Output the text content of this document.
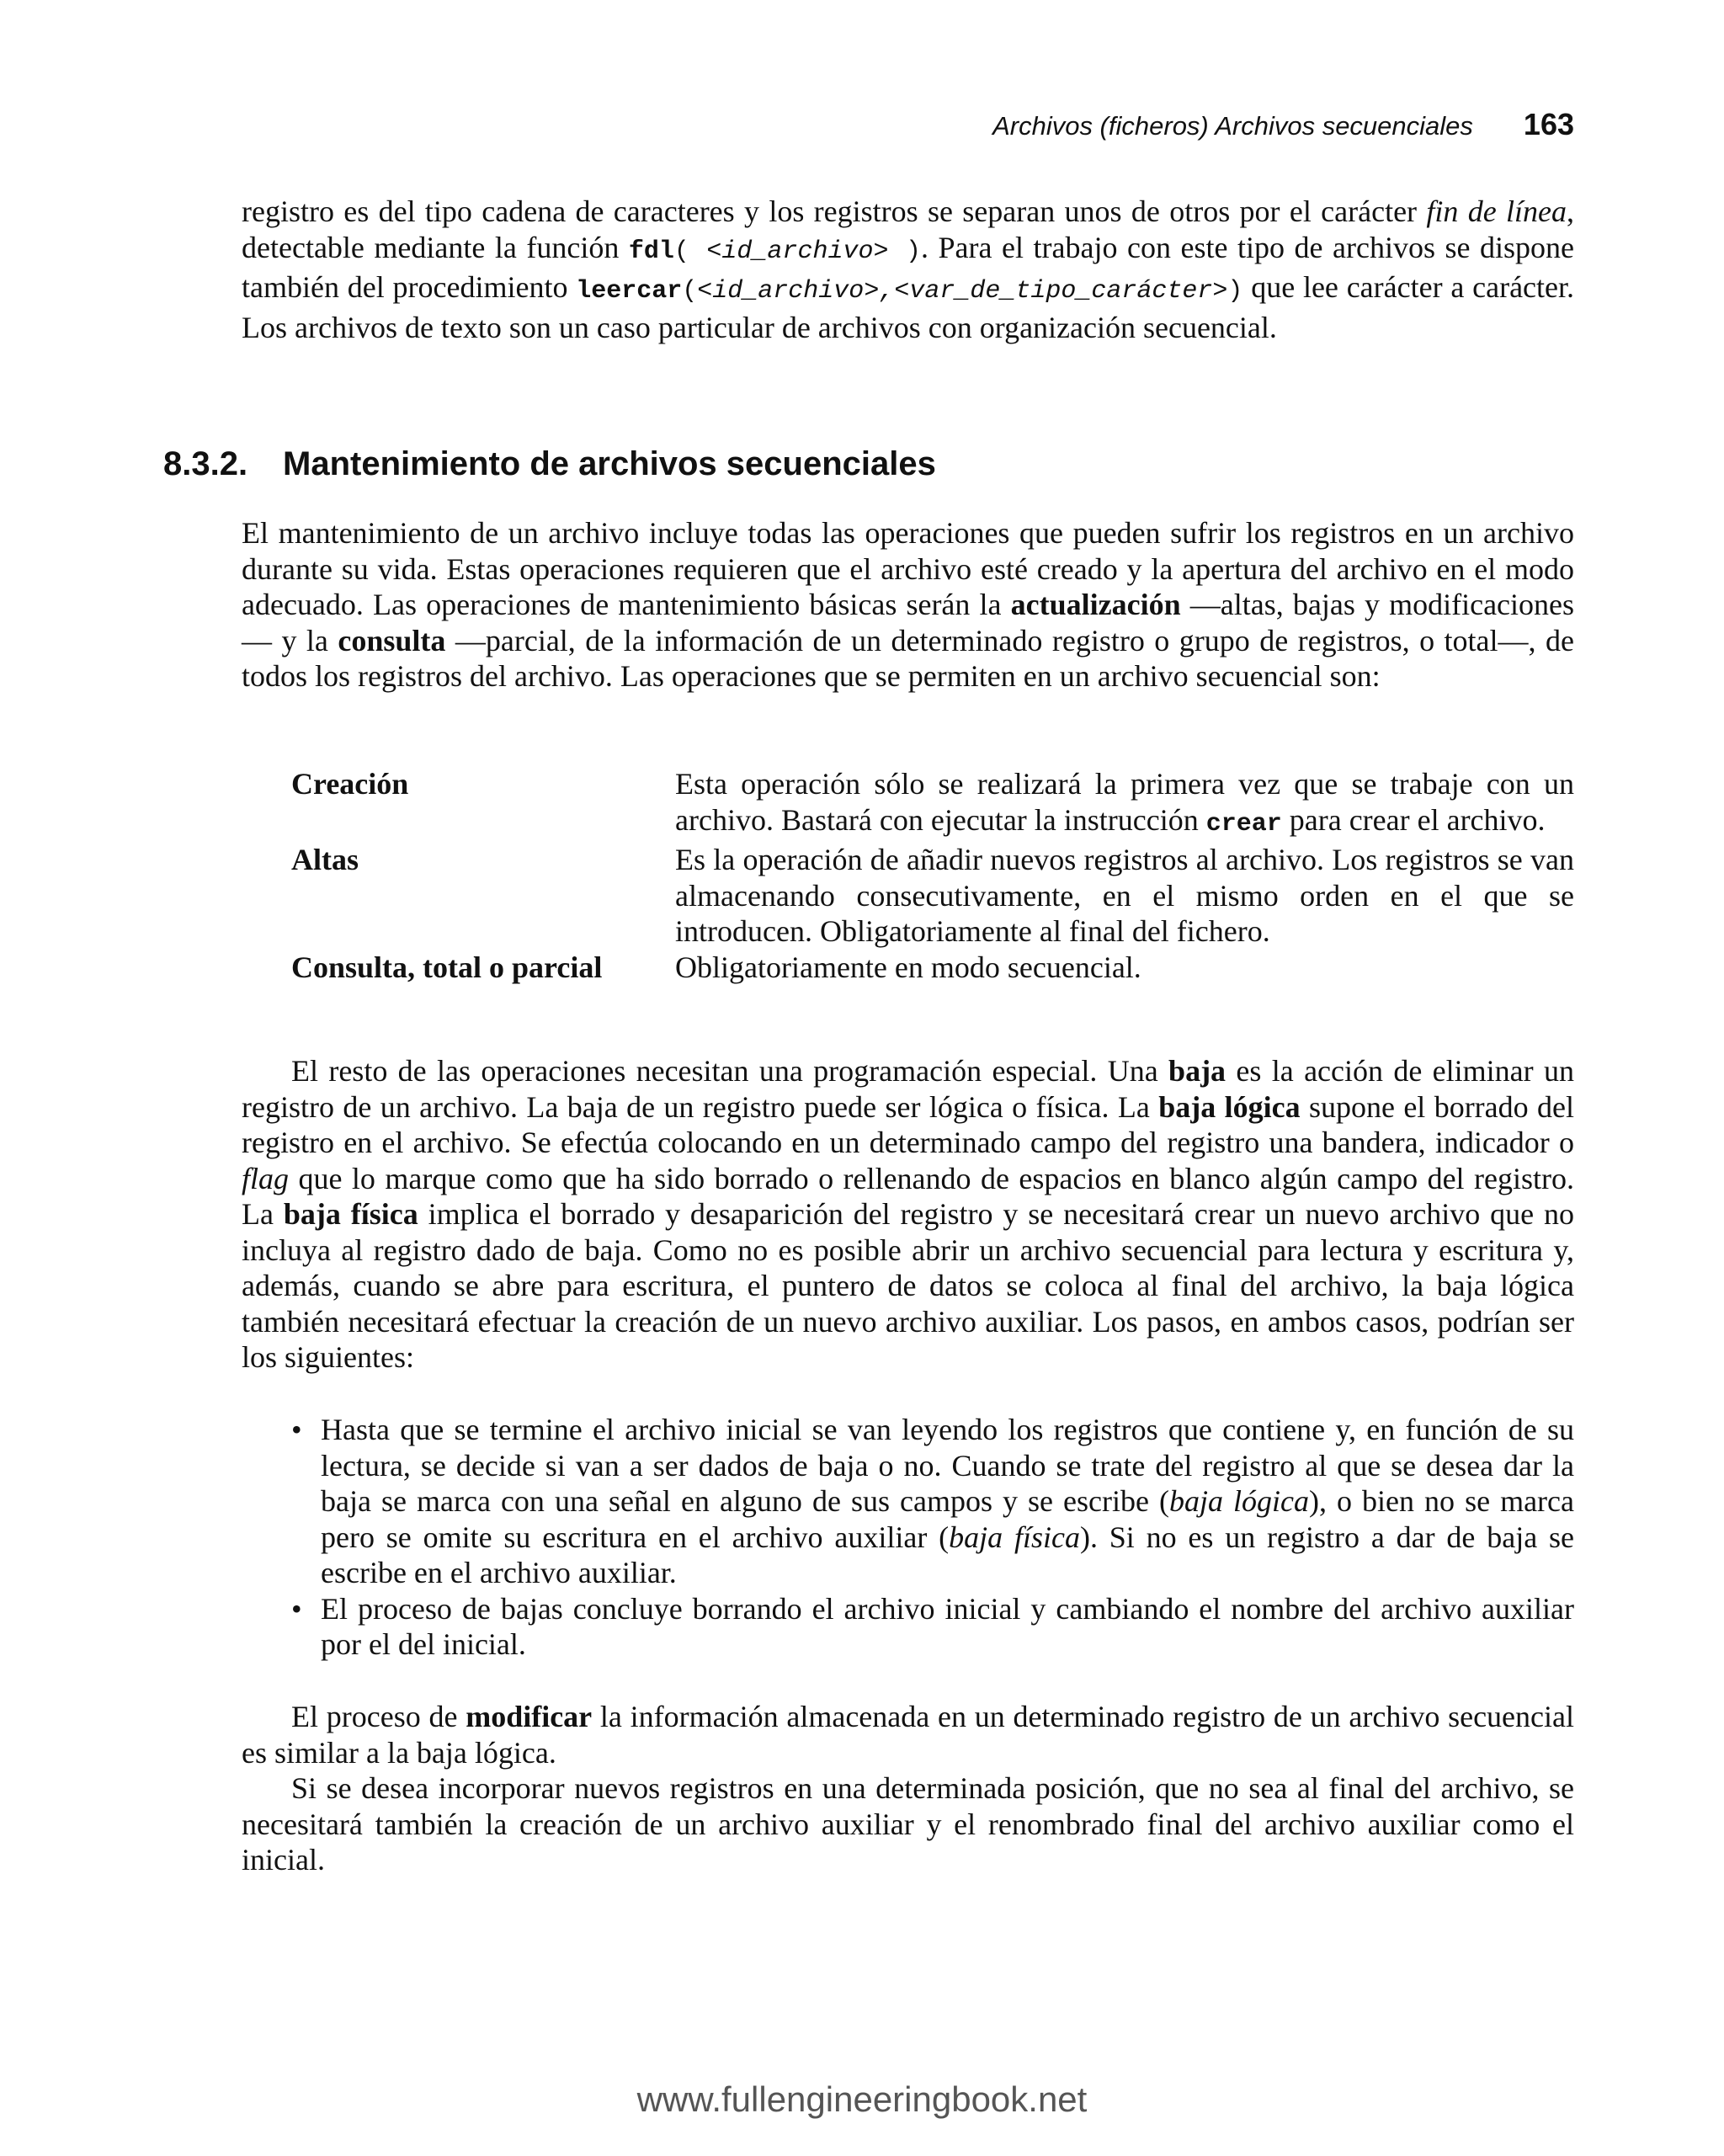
Archivos (ficheros) Archivos secuenciales 163

registro es del tipo cadena de caracteres y los registros se separan unos de otros por el carácter fin de línea, detectable mediante la función fdl( <id_archivo> ). Para el trabajo con este tipo de archivos se dispone también del procedimiento leercar(<id_archivo>,<var_de_tipo_carácter>) que lee carácter a carácter. Los archivos de texto son un caso particular de archivos con organización secuencial.

8.3.2. Mantenimiento de archivos secuenciales

El mantenimiento de un archivo incluye todas las operaciones que pueden sufrir los registros en un archivo durante su vida. Estas operaciones requieren que el archivo esté creado y la apertura del archivo en el modo adecuado. Las operaciones de mantenimiento básicas serán la actualización —altas, bajas y modificaciones— y la consulta —parcial, de la información de un determinado registro o grupo de registros, o total—, de todos los registros del archivo. Las operaciones que se permiten en un archivo secuencial son:

Creación	Esta operación sólo se realizará la primera vez que se trabaje con un archivo. Bastará con ejecutar la instrucción crear para crear el archivo.
Altas	Es la operación de añadir nuevos registros al archivo. Los registros se van almacenando consecutivamente, en el mismo orden en el que se introducen. Obligatoriamente al final del fichero.
Consulta, total o parcial	Obligatoriamente en modo secuencial.

El resto de las operaciones necesitan una programación especial. Una baja es la acción de eliminar un registro de un archivo. La baja de un registro puede ser lógica o física. La baja lógica supone el borrado del registro en el archivo. Se efectúa colocando en un determinado campo del registro una bandera, indicador o flag que lo marque como que ha sido borrado o rellenando de espacios en blanco algún campo del registro. La baja física implica el borrado y desaparición del registro y se necesitará crear un nuevo archivo que no incluya al registro dado de baja. Como no es posible abrir un archivo secuencial para lectura y escritura y, además, cuando se abre para escritura, el puntero de datos se coloca al final del archivo, la baja lógica también necesitará efectuar la creación de un nuevo archivo auxiliar. Los pasos, en ambos casos, podrían ser los siguientes:

• Hasta que se termine el archivo inicial se van leyendo los registros que contiene y, en función de su lectura, se decide si van a ser dados de baja o no. Cuando se trate del registro al que se desea dar la baja se marca con una señal en alguno de sus campos y se escribe (baja lógica), o bien no se marca pero se omite su escritura en el archivo auxiliar (baja física). Si no es un registro a dar de baja se escribe en el archivo auxiliar.
• El proceso de bajas concluye borrando el archivo inicial y cambiando el nombre del archivo auxiliar por el del inicial.

El proceso de modificar la información almacenada en un determinado registro de un archivo secuencial es similar a la baja lógica.

Si se desea incorporar nuevos registros en una determinada posición, que no sea al final del archivo, se necesitará también la creación de un archivo auxiliar y el renombrado final del archivo auxiliar como el inicial.

www.fullengineeringbook.net
